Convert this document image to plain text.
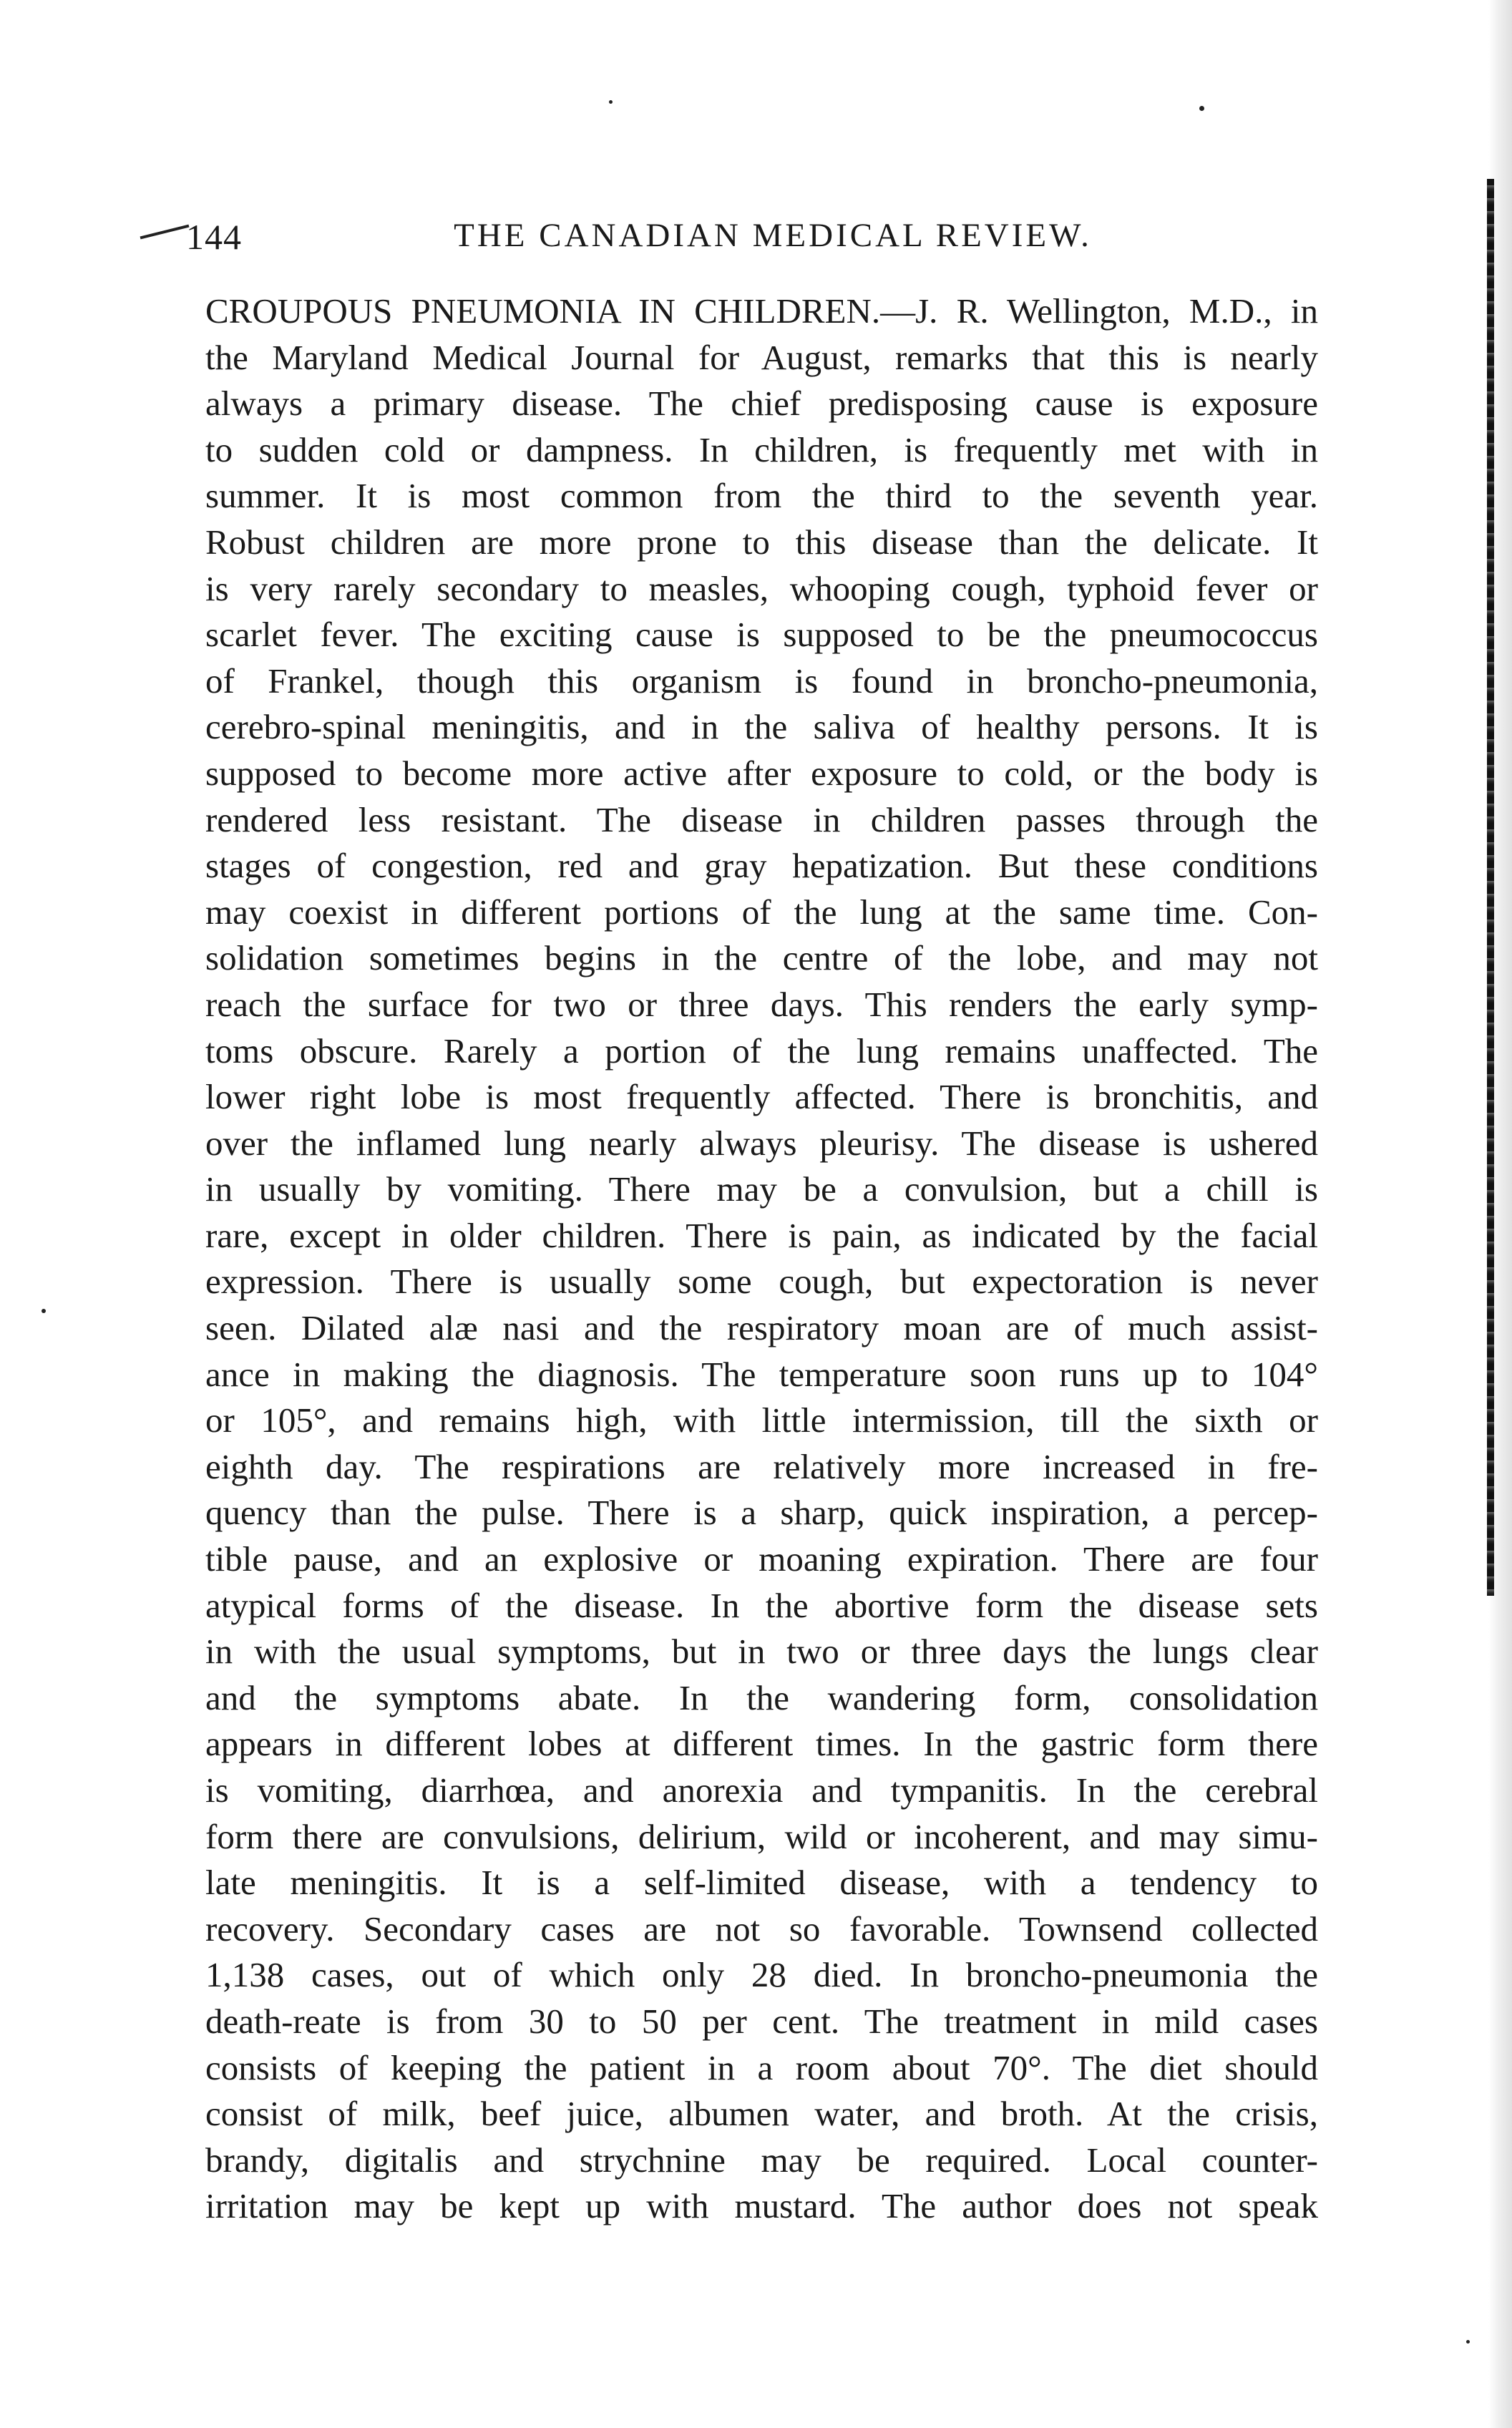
144	THE CANADIAN MEDICAL REVIEW.
CROUPOUS PNEUMONIA IN CHILDREN.—J. R. Wellington, M.D., in
the Maryland Medical Journal for August, remarks that this is nearly
always a primary disease. The chief predisposing cause is exposure
to sudden cold or dampness. In children, is frequently met with in
summer. It is most common from the third to the seventh year.
Robust children are more prone to this disease than the delicate. It
is very rarely secondary to measles, whooping cough, typhoid fever or
scarlet fever. The exciting cause is supposed to be the pneumococcus
of Frankel, though this organism is found in broncho-pneumonia,
cerebro-spinal meningitis, and in the saliva of healthy persons. It is
supposed to become more active after exposure to cold, or the body is
rendered less resistant. The disease in children passes through the
stages of congestion, red and gray hepatization. But these conditions
may coexist in different portions of the lung at the same time. Con-
solidation sometimes begins in the centre of the lobe, and may not
reach the surface for two or three days. This renders the early symp-
toms obscure. Rarely a portion of the lung remains unaffected. The
lower right lobe is most frequently affected. There is bronchitis, and
over the inflamed lung nearly always pleurisy. The disease is ushered
in usually by vomiting. There may be a convulsion, but a chill is
rare, except in older children. There is pain, as indicated by the facial
expression. There is usually some cough, but expectoration is never
seen. Dilated alæ nasi and the respiratory moan are of much assist-
ance in making the diagnosis. The temperature soon runs up to 104°
or 105°, and remains high, with little intermission, till the sixth or
eighth day. The respirations are relatively more increased in fre-
quency than the pulse. There is a sharp, quick inspiration, a percep-
tible pause, and an explosive or moaning expiration. There are four
atypical forms of the disease. In the abortive form the disease sets
in with the usual symptoms, but in two or three days the lungs clear
and the symptoms abate. In the wandering form, consolidation
appears in different lobes at different times. In the gastric form there
is vomiting, diarrhœa, and anorexia and tympanitis. In the cerebral
form there are convulsions, delirium, wild or incoherent, and may simu-
late meningitis. It is a self-limited disease, with a tendency to
recovery. Secondary cases are not so favorable. Townsend collected
1,138 cases, out of which only 28 died. In broncho-pneumonia the
death-reate is from 30 to 50 per cent. The treatment in mild cases
consists of keeping the patient in a room about 70°. The diet should
consist of milk, beef juice, albumen water, and broth. At the crisis,
brandy, digitalis and strychnine may be required. Local counter-
irritation may be kept up with mustard. The author does not speak
